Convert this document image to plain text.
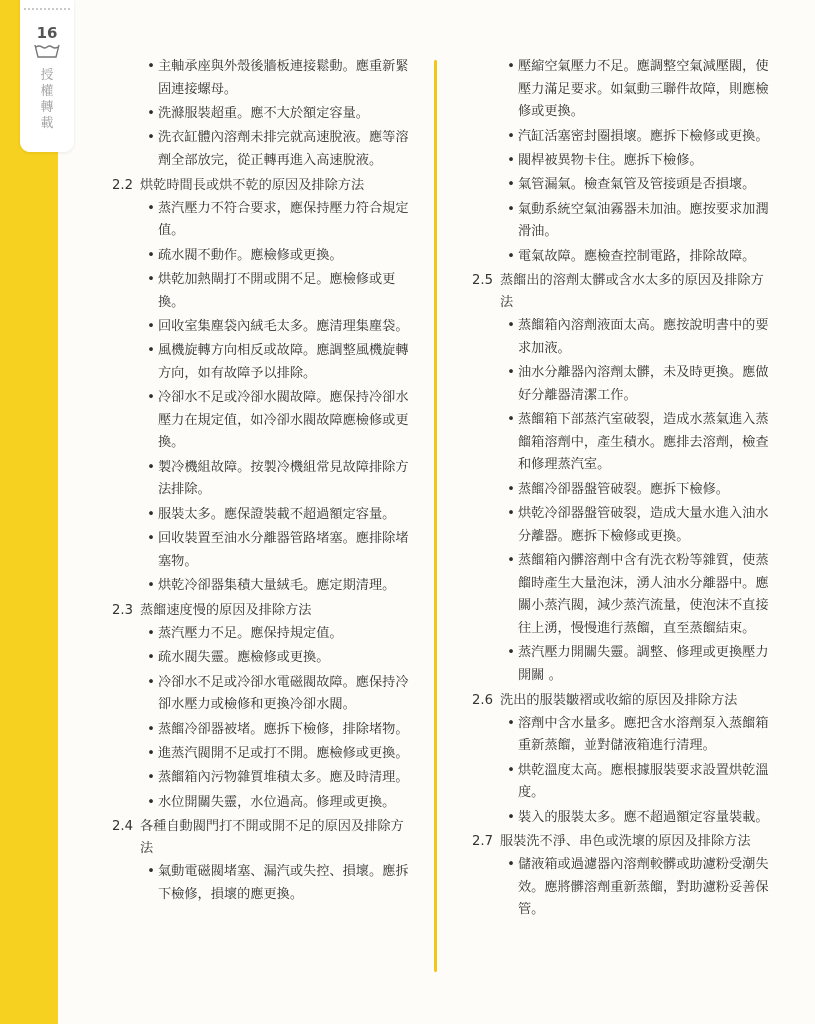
16
授權轉載
• 主軸承座與外殼後牆板連接鬆動。應重新緊固連接螺母。
• 洗滌服裝超重。應不大於額定容量。
• 洗衣缸體內溶劑未排完就高速脫液。應等溶劑全部放完，從正轉再進入高速脫液。
2.2 烘乾時間長或烘不乾的原因及排除方法
• 蒸汽壓力不符合要求，應保持壓力符合規定值。
• 疏水閥不動作。應檢修或更換。
• 烘乾加熱閘打不開或開不足。應檢修或更換。
• 回收室集塵袋內絨毛太多。應清理集塵袋。
• 風機旋轉方向相反或故障。應調整風機旋轉方向，如有故障予以排除。
• 冷卻水不足或冷卻水閥故障。應保持冷卻水壓力在規定值，如冷卻水閥故障應檢修或更換。
• 製冷機組故障。按製冷機組常見故障排除方法排除。
• 服裝太多。應保證裝載不超過額定容量。
• 回收裝置至油水分離器管路堵塞。應排除堵塞物。
• 烘乾冷卻器集積大量絨毛。應定期清理。
2.3 蒸餾速度慢的原因及排除方法
• 蒸汽壓力不足。應保持規定值。
• 疏水閥失靈。應檢修或更換。
• 冷卻水不足或冷卻水電磁閥故障。應保持冷卻水壓力或檢修和更換冷卻水閥。
• 蒸餾冷卻器被堵。應拆下檢修，排除堵物。
• 進蒸汽閥開不足或打不開。應檢修或更換。
• 蒸餾箱內污物雜質堆積太多。應及時清理。
• 水位開關失靈，水位過高。修理或更換。
2.4 各種自動閥門打不開或開不足的原因及排除方法
• 氣動電磁閥堵塞、漏汽或失控、損壞。應拆下檢修，損壞的應更換。
• 壓縮空氣壓力不足。應調整空氣減壓閥，使壓力滿足要求。如氣動三聯件故障，則應檢修或更換。
• 汽缸活塞密封圈損壞。應拆下檢修或更換。
• 閥桿被異物卡住。應拆下檢修。
• 氣管漏氣。檢查氣管及管接頭是否損壞。
• 氣動系統空氣油霧器未加油。應按要求加潤滑油。
• 電氣故障。應檢查控制電路，排除故障。
2.5 蒸餾出的溶劑太髒或含水太多的原因及排除方法
• 蒸餾箱內溶劑液面太高。應按說明書中的要求加液。
• 油水分離器內溶劑太髒，未及時更換。應做好分離器清潔工作。
• 蒸餾箱下部蒸汽室破裂，造成水蒸氣進入蒸餾箱溶劑中，產生積水。應排去溶劑，檢查和修理蒸汽室。
• 蒸餾冷卻器盤管破裂。應拆下檢修。
• 烘乾冷卻器盤管破裂，造成大量水進入油水分離器。應拆下檢修或更換。
• 蒸餾箱內髒溶劑中含有洗衣粉等雜質，使蒸餾時產生大量泡沫，湧人油水分離器中。應關小蒸汽閥，減少蒸汽流量，使泡沫不直接往上湧，慢慢進行蒸餾，直至蒸餾結束。
• 蒸汽壓力開關失靈。調整、修理或更換壓力開關 。
2.6 洗出的服裝皺褶或收縮的原因及排除方法
• 溶劑中含水量多。應把含水溶劑泵入蒸餾箱重新蒸餾，並對儲液箱進行清理。
• 烘乾溫度太高。應根據服裝要求設置烘乾溫度。
• 裝入的服裝太多。應不超過額定容量裝載。
2.7 服裝洗不淨、串色或洗壞的原因及排除方法
• 儲液箱或過濾器內溶劑較髒或助濾粉受潮失效。應將髒溶劑重新蒸餾，對助濾粉妥善保管。
